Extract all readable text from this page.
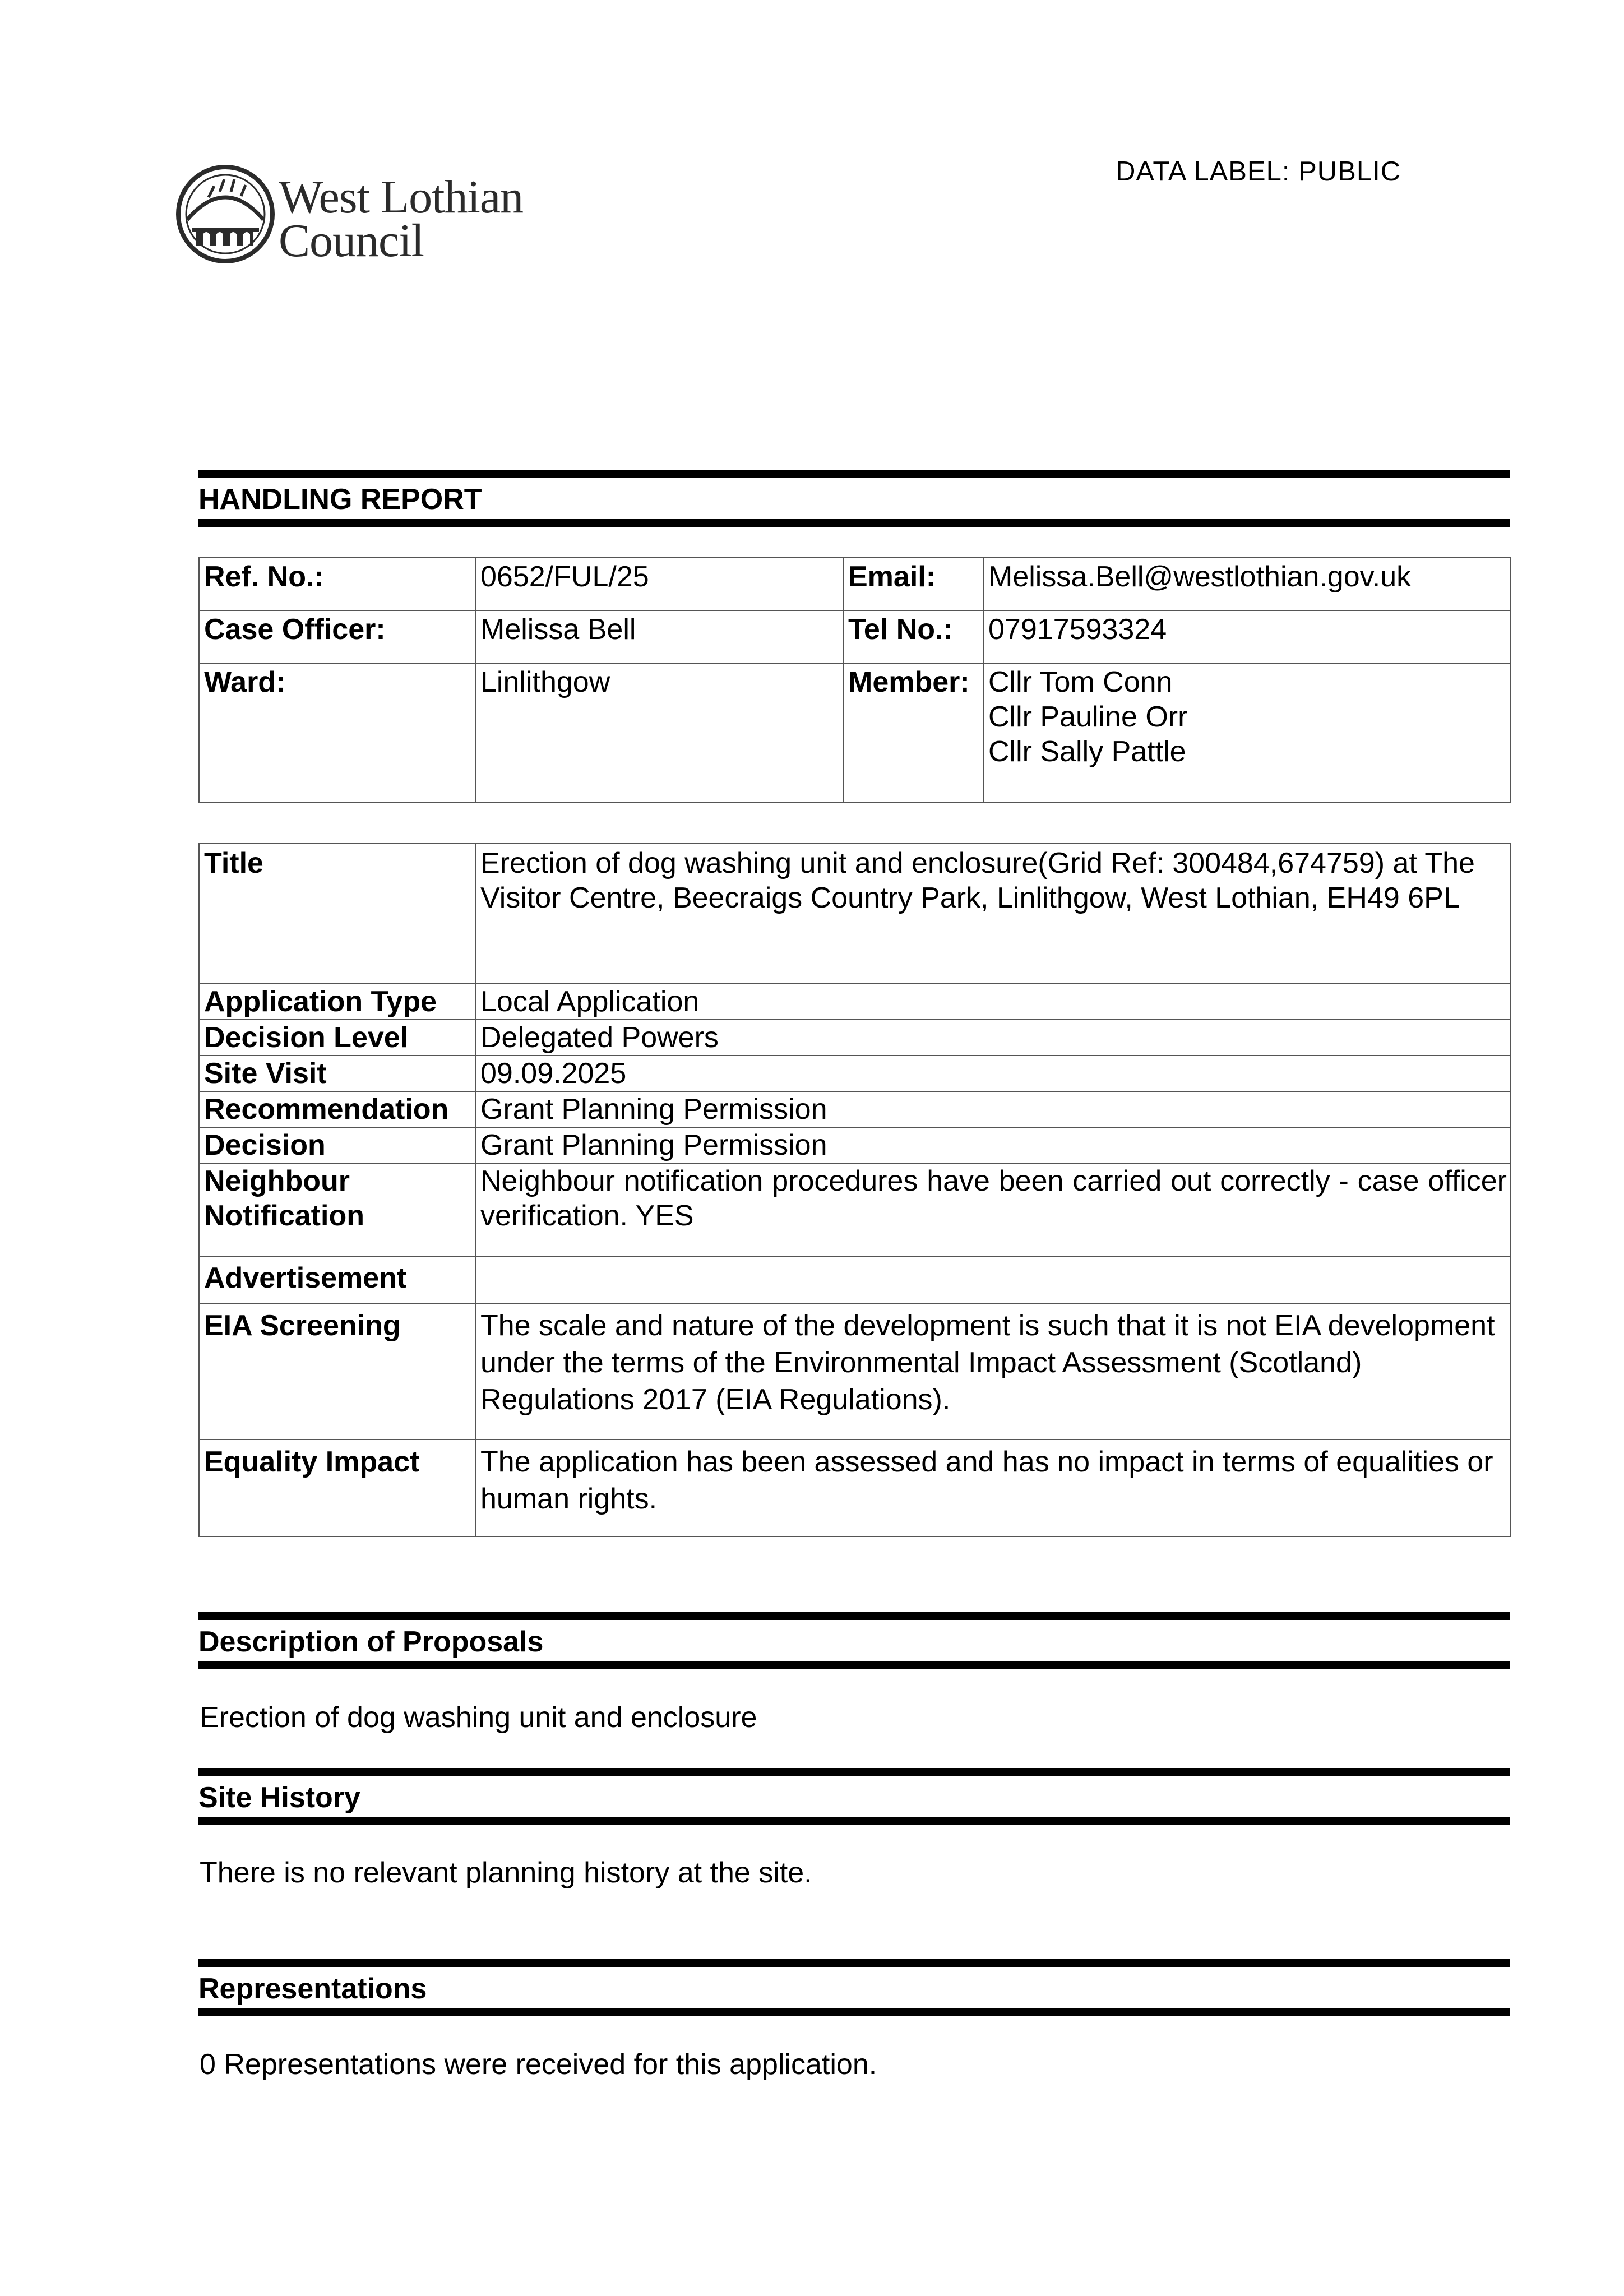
West Lothian
Council
DATA LABEL: PUBLIC
HANDLING REPORT
Ref. No.:	0652/FUL/25	Email:	Melissa.Bell@westlothian.gov.uk
Case Officer:	Melissa Bell	Tel No.:	07917593324
Ward:	Linlithgow	Member:	Cllr Tom Conn
Cllr Pauline Orr
Cllr Sally Pattle
Title	Erection of dog washing unit and enclosure(Grid Ref: 300484,674759) at The Visitor Centre, Beecraigs Country Park, Linlithgow, West Lothian, EH49 6PL
Application Type	Local Application
Decision Level	Delegated Powers
Site Visit	09.09.2025
Recommendation	Grant Planning Permission
Decision	Grant Planning Permission
Neighbour Notification	Neighbour notification procedures have been carried out correctly - case officer verification. YES
Advertisement	
EIA Screening	The scale and nature of the development is such that it is not EIA development under the terms of the Environmental Impact Assessment (Scotland) Regulations 2017 (EIA Regulations).
Equality Impact	The application has been assessed and has no impact in terms of equalities or human rights.
Description of Proposals
Erection of dog washing unit and enclosure
Site History
There is no relevant planning history at the site.
Representations
0 Representations were received for this application.
